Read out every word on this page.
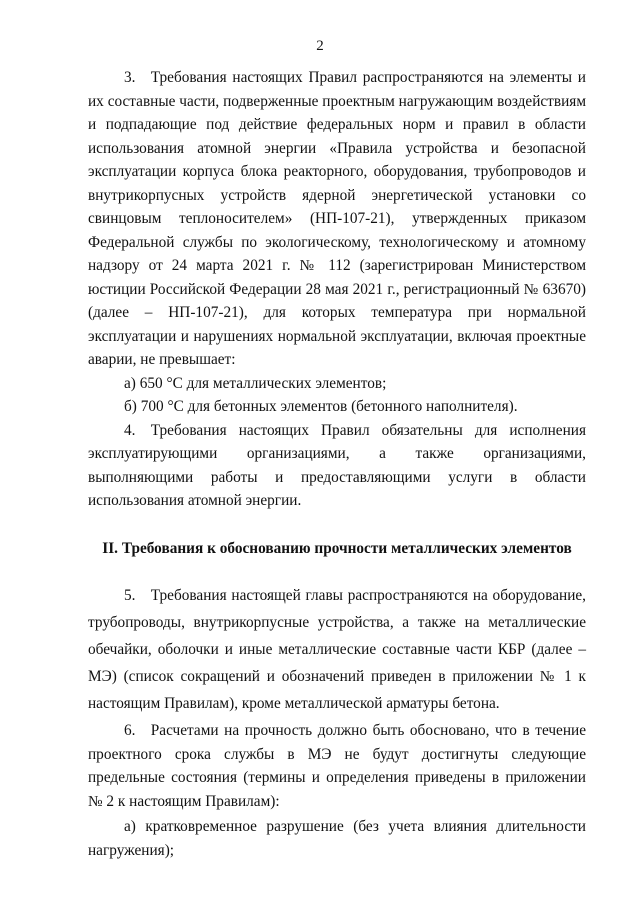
2

3. Требования настоящих Правил распространяются на элементы и их составные части, подверженные проектным нагружающим воздействиям и подпадающие под действие федеральных норм и правил в области использования атомной энергии «Правила устройства и безопасной эксплуатации корпуса блока реакторного, оборудования, трубопроводов и внутрикорпусных устройств ядерной энергетической установки со свинцовым теплоносителем» (НП-107-21), утвержденных приказом Федеральной службы по экологическому, технологическому и атомному надзору от 24 марта 2021 г. № 112 (зарегистрирован Министерством юстиции Российской Федерации 28 мая 2021 г., регистрационный № 63670) (далее – НП-107-21), для которых температура при нормальной эксплуатации и нарушениях нормальной эксплуатации, включая проектные аварии, не превышает:

а) 650 °C для металлических элементов;

б) 700 °C для бетонных элементов (бетонного наполнителя).

4. Требования настоящих Правил обязательны для исполнения эксплуатирующими организациями, а также организациями, выполняющими работы и предоставляющими услуги в области использования атомной энергии.

II. Требования к обоснованию прочности металлических элементов

5. Требования настоящей главы распространяются на оборудование, трубопроводы, внутрикорпусные устройства, а также на металлические обечайки, оболочки и иные металлические составные части КБР (далее – МЭ) (список сокращений и обозначений приведен в приложении № 1 к настоящим Правилам), кроме металлической арматуры бетона.

6. Расчетами на прочность должно быть обосновано, что в течение проектного срока службы в МЭ не будут достигнуты следующие предельные состояния (термины и определения приведены в приложении № 2 к настоящим Правилам):

а) кратковременное разрушение (без учета влияния длительности нагружения);
